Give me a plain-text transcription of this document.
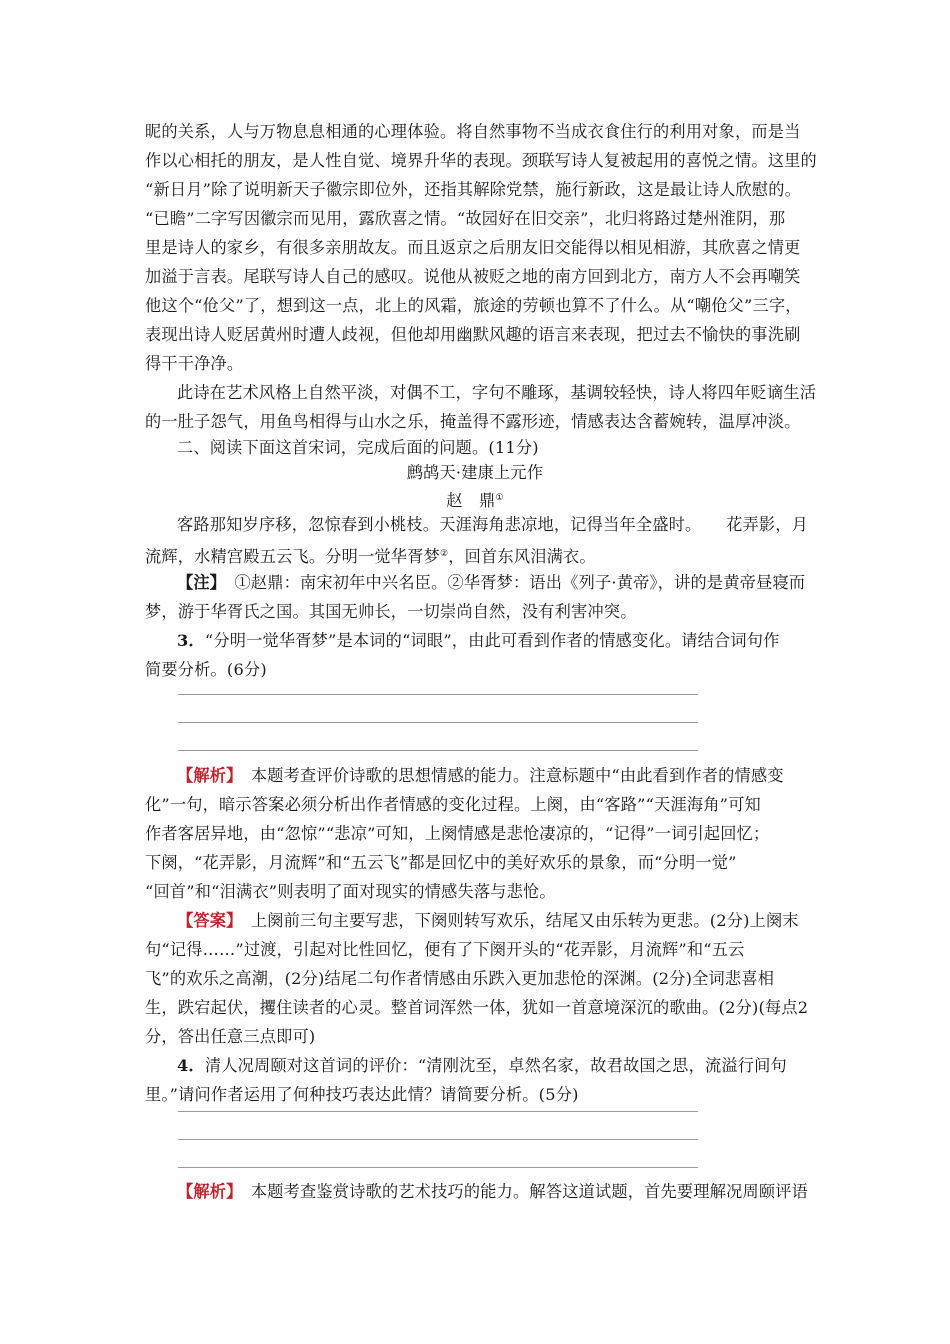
昵的关系，人与万物息息相通的心理体验。将自然事物不当成衣食住行的利用对象，而是当
作以心相托的朋友，是人性自觉、境界升华的表现。颈联写诗人复被起用的喜悦之情。这里的
“新日月”除了说明新天子徽宗即位外，还指其解除党禁，施行新政，这是最让诗人欣慰的。
“已瞻”二字写因徽宗而见用，露欣喜之情。“故园好在旧交亲”，北归将路过楚州淮阴，那
里是诗人的家乡，有很多亲朋故友。而且返京之后朋友旧交能得以相见相游，其欣喜之情更
加溢于言表。尾联写诗人自己的感叹。说他从被贬之地的南方回到北方，南方人不会再嘲笑
他这个“伧父”了，想到这一点，北上的风霜，旅途的劳顿也算不了什么。从“嘲伧父”三字，
表现出诗人贬居黄州时遭人歧视，但他却用幽默风趣的语言来表现，把过去不愉快的事洗刷
得干干净净。
此诗在艺术风格上自然平淡，对偶不工，字句不雕琢，基调较轻快，诗人将四年贬谪生活
的一肚子怨气，用鱼鸟相得与山水之乐，掩盖得不露形迹，情感表达含蓄婉转，温厚冲淡。
二、阅读下面这首宋词，完成后面的问题。(11分)
鹧鸪天·建康上元作
赵　鼎①
客路那知岁序移，忽惊春到小桃枝。天涯海角悲凉地，记得当年全盛时。　　花弄影，月
流辉，水精宫殿五云飞。分明一觉华胥梦②，回首东风泪满衣。
【注】　①赵鼎：南宋初年中兴名臣。②华胥梦：语出《列子·黄帝》，讲的是黄帝昼寝而
梦，游于华胥氏之国。其国无帅长，一切崇尚自然，没有利害冲突。
3．“分明一觉华胥梦”是本词的“词眼”，由此可看到作者的情感变化。请结合词句作
简要分析。(6分)
【解析】　本题考查评价诗歌的思想情感的能力。注意标题中“由此看到作者的情感变
化”一句，暗示答案必须分析出作者情感的变化过程。上阕，由“客路”“天涯海角”可知
作者客居异地，由“忽惊”“悲凉”可知，上阕情感是悲怆凄凉的，“记得”一词引起回忆；
下阕，“花弄影，月流辉”和“五云飞”都是回忆中的美好欢乐的景象，而“分明一觉”
“回首”和“泪满衣”则表明了面对现实的情感失落与悲怆。
【答案】　上阕前三句主要写悲，下阕则转写欢乐，结尾又由乐转为更悲。(2分)上阕末
句“记得……”过渡，引起对比性回忆，便有了下阕开头的“花弄影，月流辉”和“五云
飞”的欢乐之高潮，(2分)结尾二句作者情感由乐跌入更加悲怆的深渊。(2分)全词悲喜相
生，跌宕起伏，攫住读者的心灵。整首词浑然一体，犹如一首意境深沉的歌曲。(2分)(每点2
分，答出任意三点即可)
4．清人况周颐对这首词的评价：“清刚沈至，卓然名家，故君故国之思，流溢行间句
里。”请问作者运用了何种技巧表达此情？请简要分析。(5分)
【解析】　本题考查鉴赏诗歌的艺术技巧的能力。解答这道试题，首先要理解况周颐评语
